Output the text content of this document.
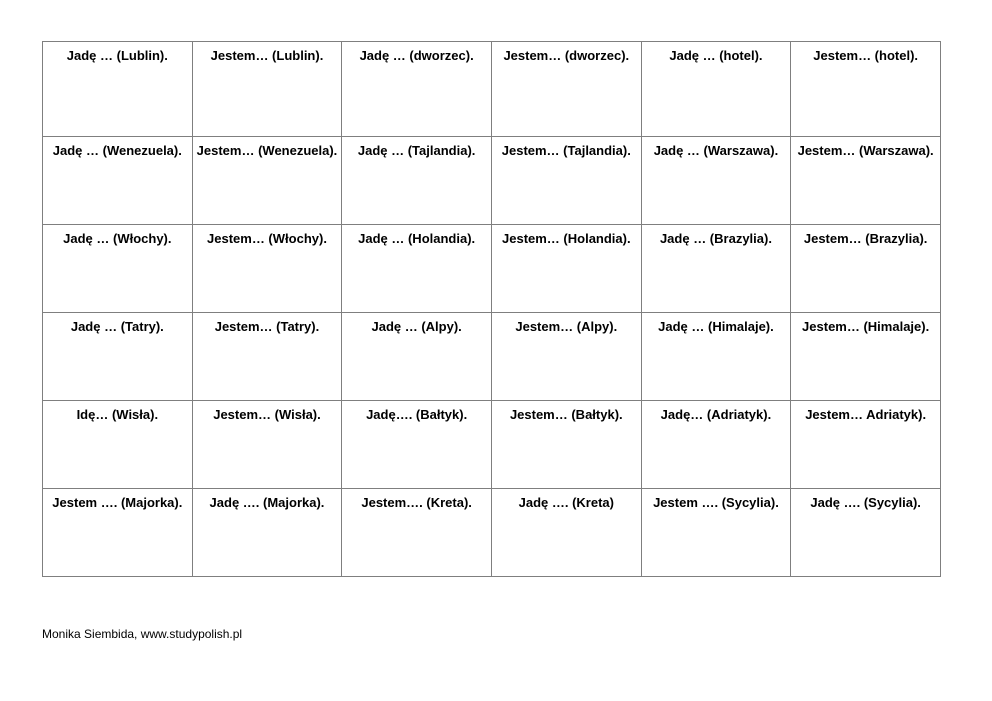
Jadę … (Lublin).	Jestem… (Lublin).	Jadę … (dworzec).	Jestem… (dworzec).	Jadę … (hotel).	Jestem… (hotel).
Jadę … (Wenezuela).	Jestem… (Wenezuela).	Jadę … (Tajlandia).	Jestem… (Tajlandia).	Jadę … (Warszawa).	Jestem… (Warszawa).
Jadę … (Włochy).	Jestem… (Włochy).	Jadę … (Holandia).	Jestem… (Holandia).	Jadę … (Brazylia).	Jestem… (Brazylia).
Jadę … (Tatry).	Jestem… (Tatry).	Jadę … (Alpy).	Jestem… (Alpy).	Jadę … (Himalaje).	Jestem… (Himalaje).
Idę… (Wisła).	Jestem… (Wisła).	Jadę…. (Bałtyk).	Jestem… (Bałtyk).	Jadę… (Adriatyk).	Jestem… Adriatyk).
Jestem …. (Majorka).	Jadę …. (Majorka).	Jestem…. (Kreta).	Jadę …. (Kreta)	Jestem …. (Sycylia).	Jadę …. (Sycylia).
Monika Siembida, www.studypolish.pl
